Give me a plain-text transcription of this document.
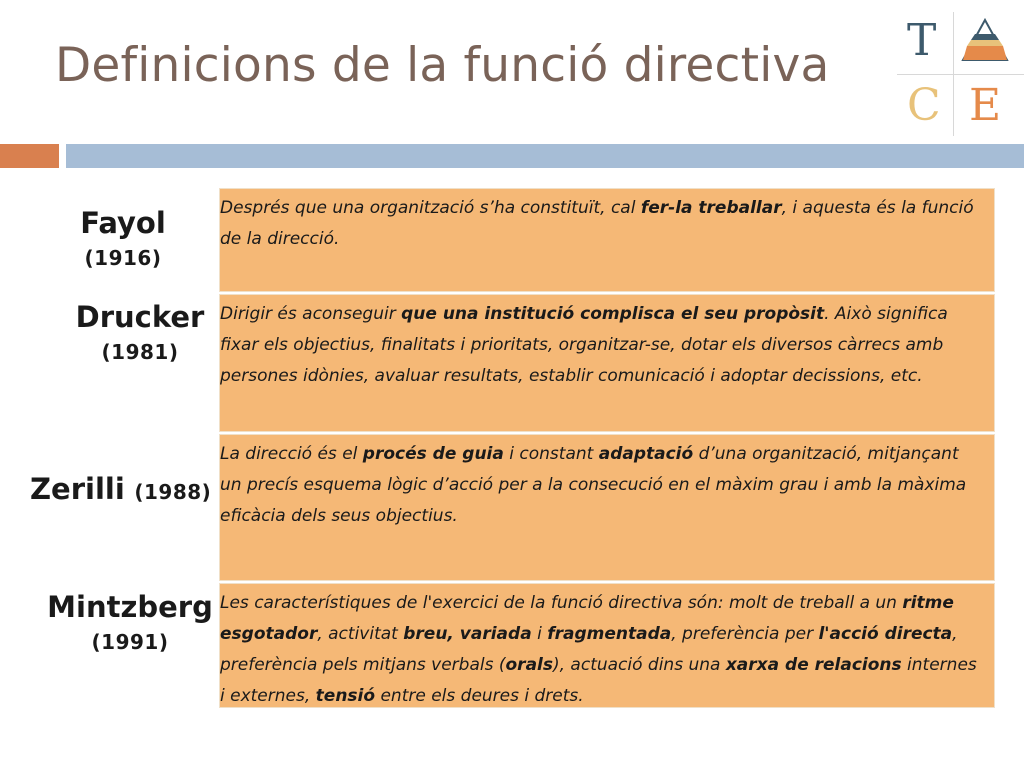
Definicions de la funció directiva T
C E
Fayol
(1916)
Drucker
(1981)
Zerilli (1988)
Mintzberg
(1991)

Després que una organització s’ha constituït, cal fer-la treballar, i aquesta és la funció de la direcció.

Dirigir és aconseguir que una institució complisca el seu propòsit. Això significa fixar els objectius, finalitats i prioritats, organitzar-se, dotar els diversos càrrecs amb persones idònies, avaluar resultats, establir comunicació i adoptar decissions, etc.

La direcció és el procés de guia i constant adaptació d’una organització, mitjançant un precís esquema lògic d’acció per a la consecució en el màxim grau i amb la màxima eficàcia dels seus objectius.

Les característiques de l'exercici de la funció directiva són: molt de treball a un ritme esgotador, activitat breu, variada i fragmentada, preferència per l'acció directa, preferència pels mitjans verbals (orals), actuació dins una xarxa de relacions internes i externes, tensió entre els deures i drets.
